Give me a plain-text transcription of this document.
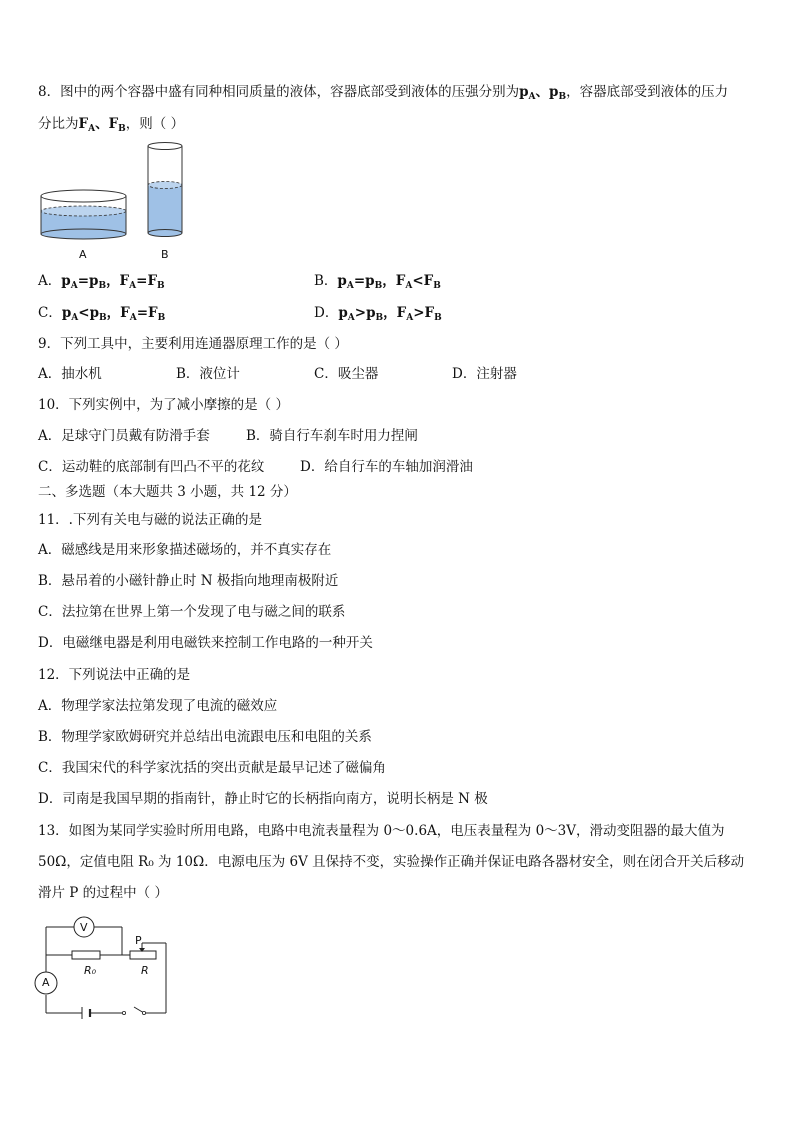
8．图中的两个容器中盛有同种相同质量的液体，容器底部受到液体的压强分别为$p_A$、$p_B$，容器底部受到液体的压力
分比为$F_A$、$F_B$，则（ ）
A	B
A．$p_A=p_B$，$F_A=F_B$	B．$p_A=p_B$，$F_A<F_B$
C．$p_A<p_B$，$F_A=F_B$	D．$p_A>p_B$，$F_A>F_B$
9．下列工具中，主要利用连通器原理工作的是（ ）
A．抽水机	B．液位计	C．吸尘器	D．注射器
10．下列实例中，为了减小摩擦的是（ ）
A．足球守门员戴有防滑手套	B．骑自行车刹车时用力捏闸
C．运动鞋的底部制有凹凸不平的花纹	D．给自行车的车轴加润滑油
二、多选题（本大题共 3 小题，共 12 分）
11．.下列有关电与磁的说法正确的是
A．磁感线是用来形象描述磁场的，并不真实存在
B．悬吊着的小磁针静止时 N 极指向地理南极附近
C．法拉第在世界上第一个发现了电与磁之间的联系
D．电磁继电器是利用电磁铁来控制工作电路的一种开关
12．下列说法中正确的是
A．物理学家法拉第发现了电流的磁效应
B．物理学家欧姆研究并总结出电流跟电压和电阻的关系
C．我国宋代的科学家沈括的突出贡献是最早记述了磁偏角
D．司南是我国早期的指南针，静止时它的长柄指向南方，说明长柄是 N 极
13．如图为某同学实验时所用电路，电路中电流表量程为 0～0.6A，电压表量程为 0～3V，滑动变阻器的最大值为
50Ω，定值电阻 R₀ 为 10Ω．电源电压为 6V 且保持不变，实验操作正确并保证电路各器材安全，则在闭合开关后移动
滑片 P 的过程中（ ）
V
A
P
R₀	R
